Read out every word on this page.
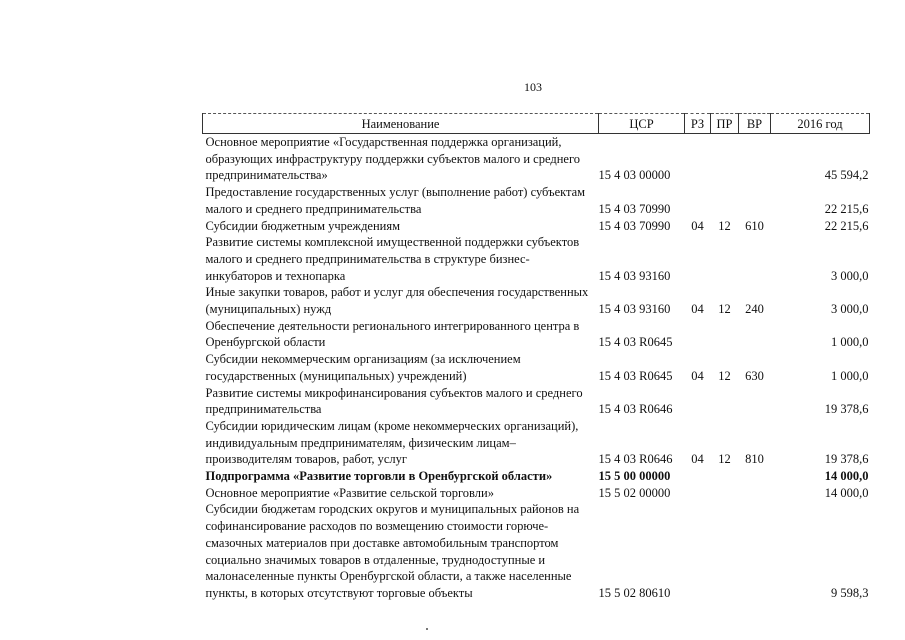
103
Наименование	ЦСР	РЗ	ПР	ВР	2016 год
Основное мероприятие «Государственная поддержка организаций, образующих инфраструктуру поддержки субъектов малого и среднего предпринимательства»	15 4 03 00000				45 594,2
Предоставление государственных услуг (выполнение работ) субъектам малого и среднего предпринимательства	15 4 03 70990				22 215,6
Субсидии бюджетным учреждениям	15 4 03 70990	04	12	610	22 215,6
Развитие системы комплексной имущественной поддержки субъектов малого и среднего предпринимательства в структуре бизнес-инкубаторов и технопарка	15 4 03 93160				3 000,0
Иные закупки товаров, работ и услуг для обеспечения государственных (муниципальных) нужд	15 4 03 93160	04	12	240	3 000,0
Обеспечение деятельности регионального интегрированного центра в Оренбургской области	15 4 03 R0645				1 000,0
Субсидии некоммерческим организациям (за исключением государственных (муниципальных) учреждений)	15 4 03 R0645	04	12	630	1 000,0
Развитие системы микрофинансирования субъектов малого и среднего предпринимательства	15 4 03 R0646				19 378,6
Субсидии юридическим лицам (кроме некоммерческих организаций), индивидуальным предпринимателям, физическим лицам–производителям товаров, работ, услуг	15 4 03 R0646	04	12	810	19 378,6
Подпрограмма «Развитие торговли в Оренбургской области»	15 5 00 00000				14 000,0
Основное мероприятие «Развитие сельской торговли»	15 5 02 00000				14 000,0
Субсидии бюджетам городских округов и муниципальных районов на софинансирование расходов по возмещению стоимости горюче-смазочных материалов при доставке автомобильным транспортом социально значимых товаров в отдаленные, труднодоступные и малонаселенные пункты Оренбургской области, а также населенные пункты, в которых отсутствуют торговые объекты	15 5 02 80610				9 598,3
